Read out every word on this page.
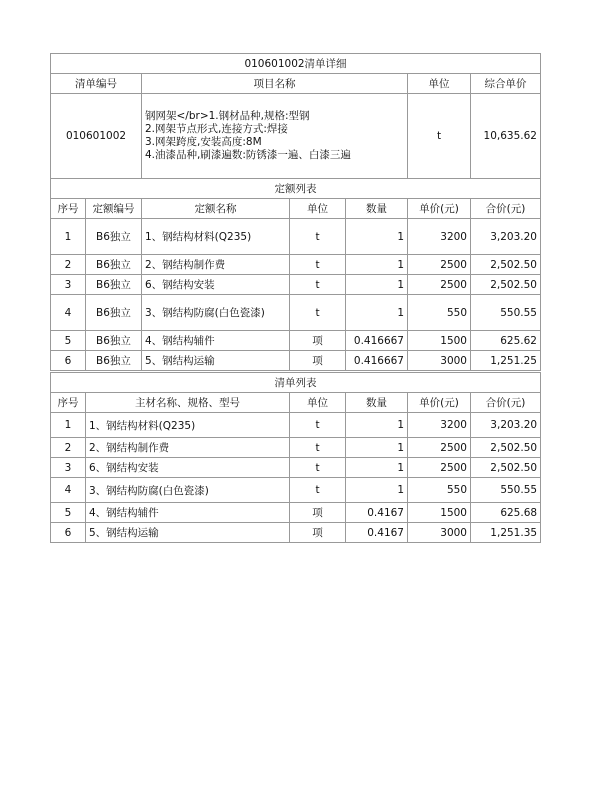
010601002清单详细			
清单编号	项目名称	单位	综合单价
010601002	钢网架</br>1.钢材品种,规格:型钢
2.网架节点形式,连接方式:焊接
3.网架跨度,安装高度:8M
4.油漆品种,刷漆遍数:防锈漆一遍、白漆三遍	t	10,635.62
定额列表						
序号	定额编号	定额名称	单位	数量	单价(元)	合价(元)
1	B6独立	1、钢结构材料(Q235)	t	1	3200	3,203.20
2	B6独立	2、钢结构制作费	t	1	2500	2,502.50
3	B6独立	6、钢结构安装	t	1	2500	2,502.50
4	B6独立	3、钢结构防腐(白色瓷漆)	t	1	550	550.55
5	B6独立	4、钢结构辅件	项	0.416667	1500	625.62
6	B6独立	5、钢结构运输	项	0.416667	3000	1,251.25
清单列表					
序号	主材名称、规格、型号	单位	数量	单价(元)	合价(元)
1	1、钢结构材料(Q235)	t	1	3200	3,203.20
2	2、钢结构制作费	t	1	2500	2,502.50
3	6、钢结构安装	t	1	2500	2,502.50
4	3、钢结构防腐(白色瓷漆)	t	1	550	550.55
5	4、钢结构辅件	项	0.4167	1500	625.68
6	5、钢结构运输	项	0.4167	3000	1,251.35
